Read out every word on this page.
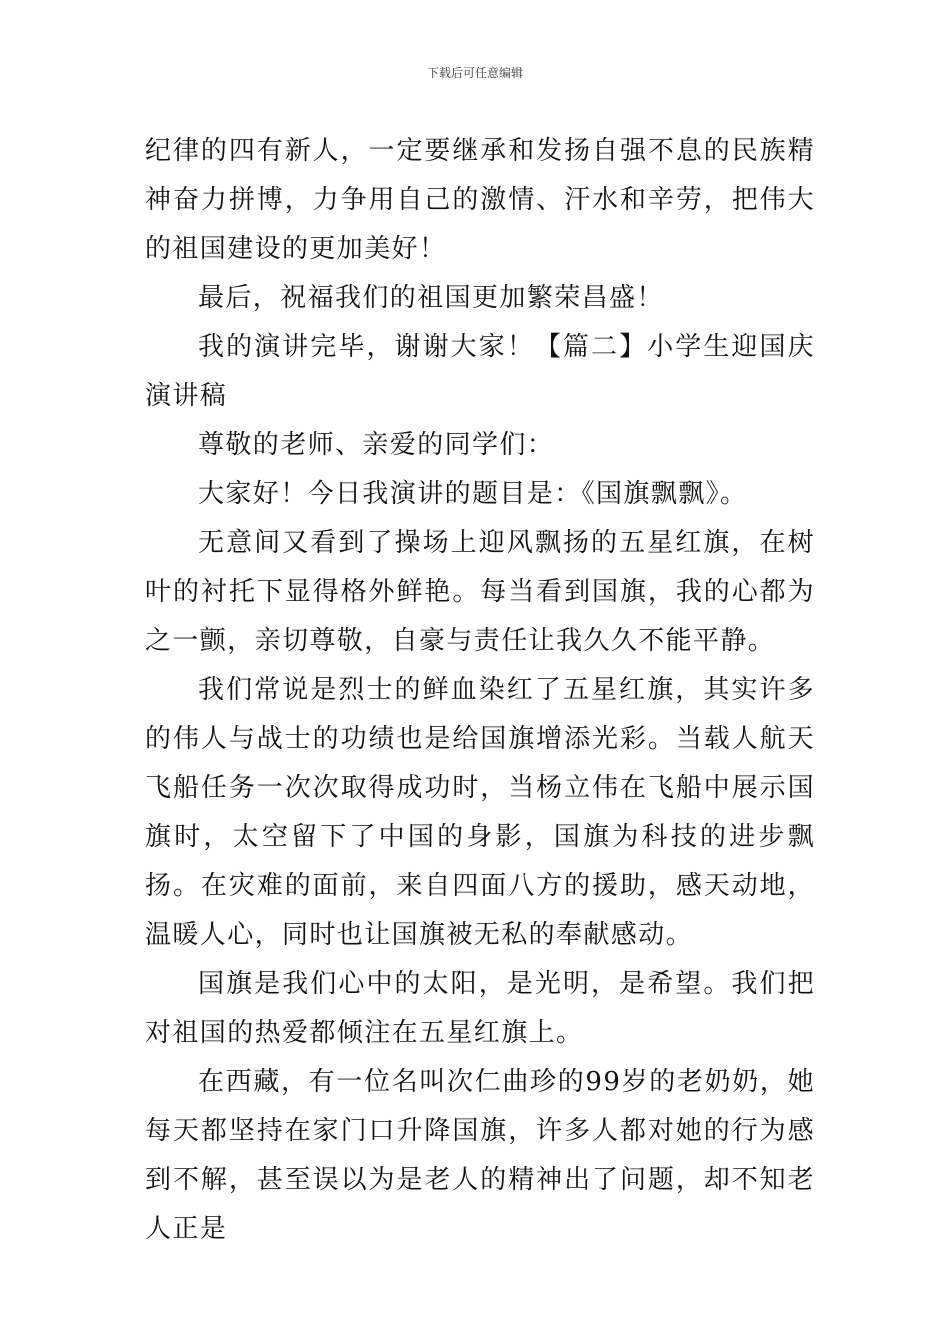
下载后可任意编辑

纪律的四有新人，一定要继承和发扬自强不息的民族精神奋力拼博，力争用自己的激情、汗水和辛劳，把伟大的祖国建设的更加美好！

最后，祝福我们的祖国更加繁荣昌盛！

我的演讲完毕，谢谢大家！【篇二】小学生迎国庆演讲稿

尊敬的老师、亲爱的同学们：

大家好！今日我演讲的题目是：《国旗飘飘》。

无意间又看到了操场上迎风飘扬的五星红旗，在树叶的衬托下显得格外鲜艳。每当看到国旗，我的心都为之一颤，亲切尊敬，自豪与责任让我久久不能平静。

我们常说是烈士的鲜血染红了五星红旗，其实许多的伟人与战士的功绩也是给国旗增添光彩。当载人航天飞船任务一次次取得成功时，当杨立伟在飞船中展示国旗时，太空留下了中国的身影，国旗为科技的进步飘扬。在灾难的面前，来自四面八方的援助，感天动地，温暖人心，同时也让国旗被无私的奉献感动。

国旗是我们心中的太阳，是光明，是希望。我们把对祖国的热爱都倾注在五星红旗上。

在西藏，有一位名叫次仁曲珍的99岁的老奶奶，她每天都坚持在家门口升降国旗，许多人都对她的行为感到不解，甚至误以为是老人的精神出了问题，却不知老人正是
